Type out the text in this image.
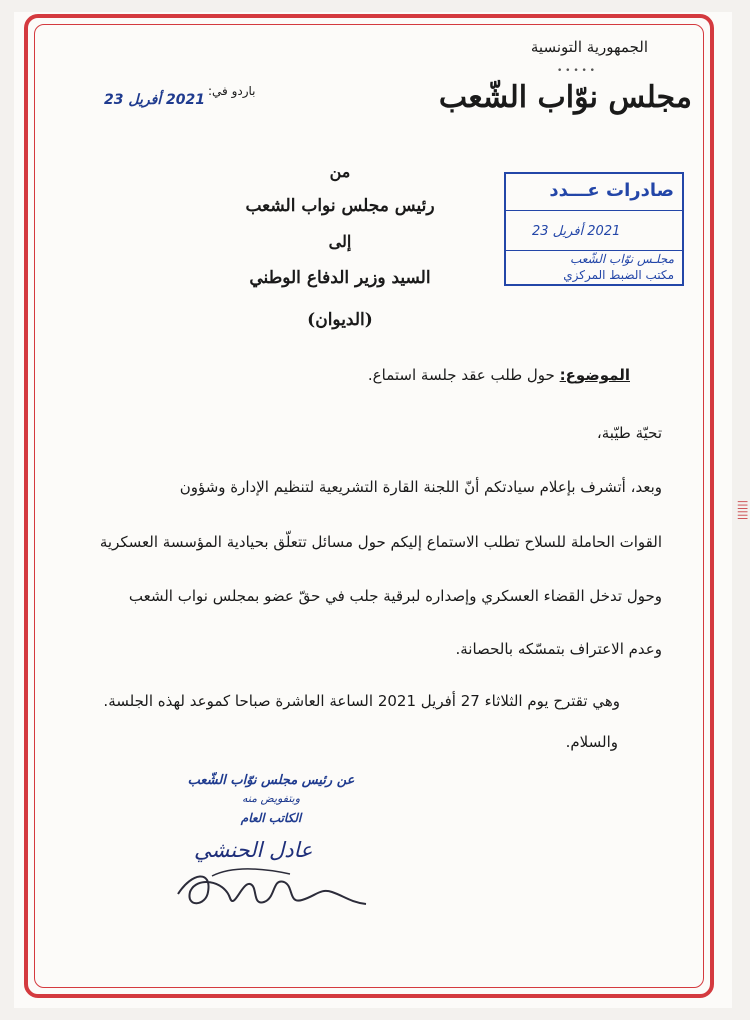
الجمهورية التونسية
• • • • •
مجلس نوّاب الشّعب
باردو في:
2021 أفريل 23
صادرات عـــدد
2021 أفريل 23
مجلـس نوّاب الشّعب
مكتب الضبط المركزي
من
رئيس مجلس نواب الشعب
إلى
السيد وزير الدفاع الوطني
(الديوان)
الموضوع: حول طلب عقد جلسة استماع.
تحيّة طيّبة،
وبعد، أتشرف بإعلام سيادتكم أنّ اللجنة القارة التشريعية لتنظيم الإدارة وشؤون
القوات الحاملة للسلاح تطلب الاستماع إليكم حول مسائل تتعلّق بحيادية المؤسسة العسكرية
وحول تدخل القضاء العسكري وإصداره لبرقية جلب في حقّ عضو بمجلس نواب الشعب
وعدم الاعتراف بتمسّكه بالحصانة.
وهي تقترح يوم الثلاثاء 27 أفريل 2021 الساعة العاشرة صباحا كموعد لهذه الجلسة.
والسلام.
عن رئيس مجلس نوّاب الشّعب
وبتفويض منه
الكاتب العام
عادل الحنشي
||||||
